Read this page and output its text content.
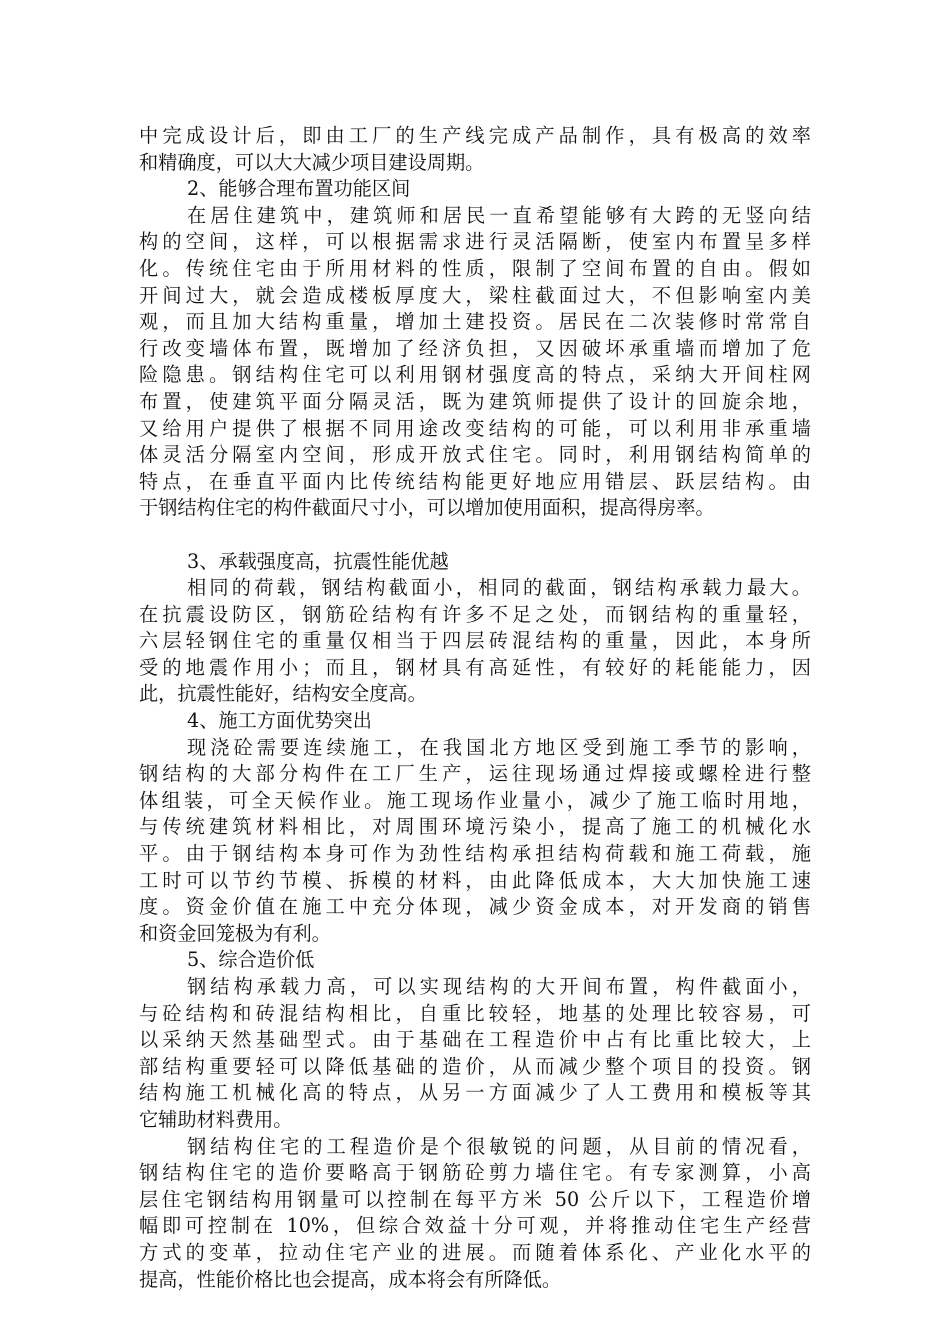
中完成设计后，即由工厂的生产线完成产品制作，具有极高的效率
和精确度，可以大大减少项目建设周期。
2、能够合理布置功能区间
在居住建筑中，建筑师和居民一直希望能够有大跨的无竖向结
构的空间，这样，可以根据需求进行灵活隔断，使室内布置呈多样
化。传统住宅由于所用材料的性质，限制了空间布置的自由。假如
开间过大，就会造成楼板厚度大，梁柱截面过大，不但影响室内美
观，而且加大结构重量，增加土建投资。居民在二次装修时常常自
行改变墙体布置，既增加了经济负担，又因破坏承重墙而增加了危
险隐患。钢结构住宅可以利用钢材强度高的特点，采纳大开间柱网
布置，使建筑平面分隔灵活，既为建筑师提供了设计的回旋余地，
又给用户提供了根据不同用途改变结构的可能，可以利用非承重墙
体灵活分隔室内空间，形成开放式住宅。同时，利用钢结构简单的
特点，在垂直平面内比传统结构能更好地应用错层、跃层结构。由
于钢结构住宅的构件截面尺寸小，可以增加使用面积，提高得房率。
3、承载强度高，抗震性能优越
相同的荷载，钢结构截面小，相同的截面，钢结构承载力最大。
在抗震设防区，钢筋砼结构有许多不足之处，而钢结构的重量轻，
六层轻钢住宅的重量仅相当于四层砖混结构的重量，因此，本身所
受的地震作用小；而且，钢材具有高延性，有较好的耗能能力，因
此，抗震性能好，结构安全度高。
4、施工方面优势突出
现浇砼需要连续施工，在我国北方地区受到施工季节的影响，
钢结构的大部分构件在工厂生产，运往现场通过焊接或螺栓进行整
体组装，可全天候作业。施工现场作业量小，减少了施工临时用地，
与传统建筑材料相比，对周围环境污染小，提高了施工的机械化水
平。由于钢结构本身可作为劲性结构承担结构荷载和施工荷载，施
工时可以节约节模、拆模的材料，由此降低成本，大大加快施工速
度。资金价值在施工中充分体现，减少资金成本，对开发商的销售
和资金回笼极为有利。
5、综合造价低
钢结构承载力高，可以实现结构的大开间布置，构件截面小，
与砼结构和砖混结构相比，自重比较轻，地基的处理比较容易，可
以采纳天然基础型式。由于基础在工程造价中占有比重比较大，上
部结构重要轻可以降低基础的造价，从而减少整个项目的投资。钢
结构施工机械化高的特点，从另一方面减少了人工费用和模板等其
它辅助材料费用。
钢结构住宅的工程造价是个很敏锐的问题，从目前的情况看，
钢结构住宅的造价要略高于钢筋砼剪力墙住宅。有专家测算，小高
层住宅钢结构用钢量可以控制在每平方米 50 公斤以下，工程造价增
幅即可控制在 10%，但综合效益十分可观，并将推动住宅生产经营
方式的变革，拉动住宅产业的进展。而随着体系化、产业化水平的
提高，性能价格比也会提高，成本将会有所降低。
